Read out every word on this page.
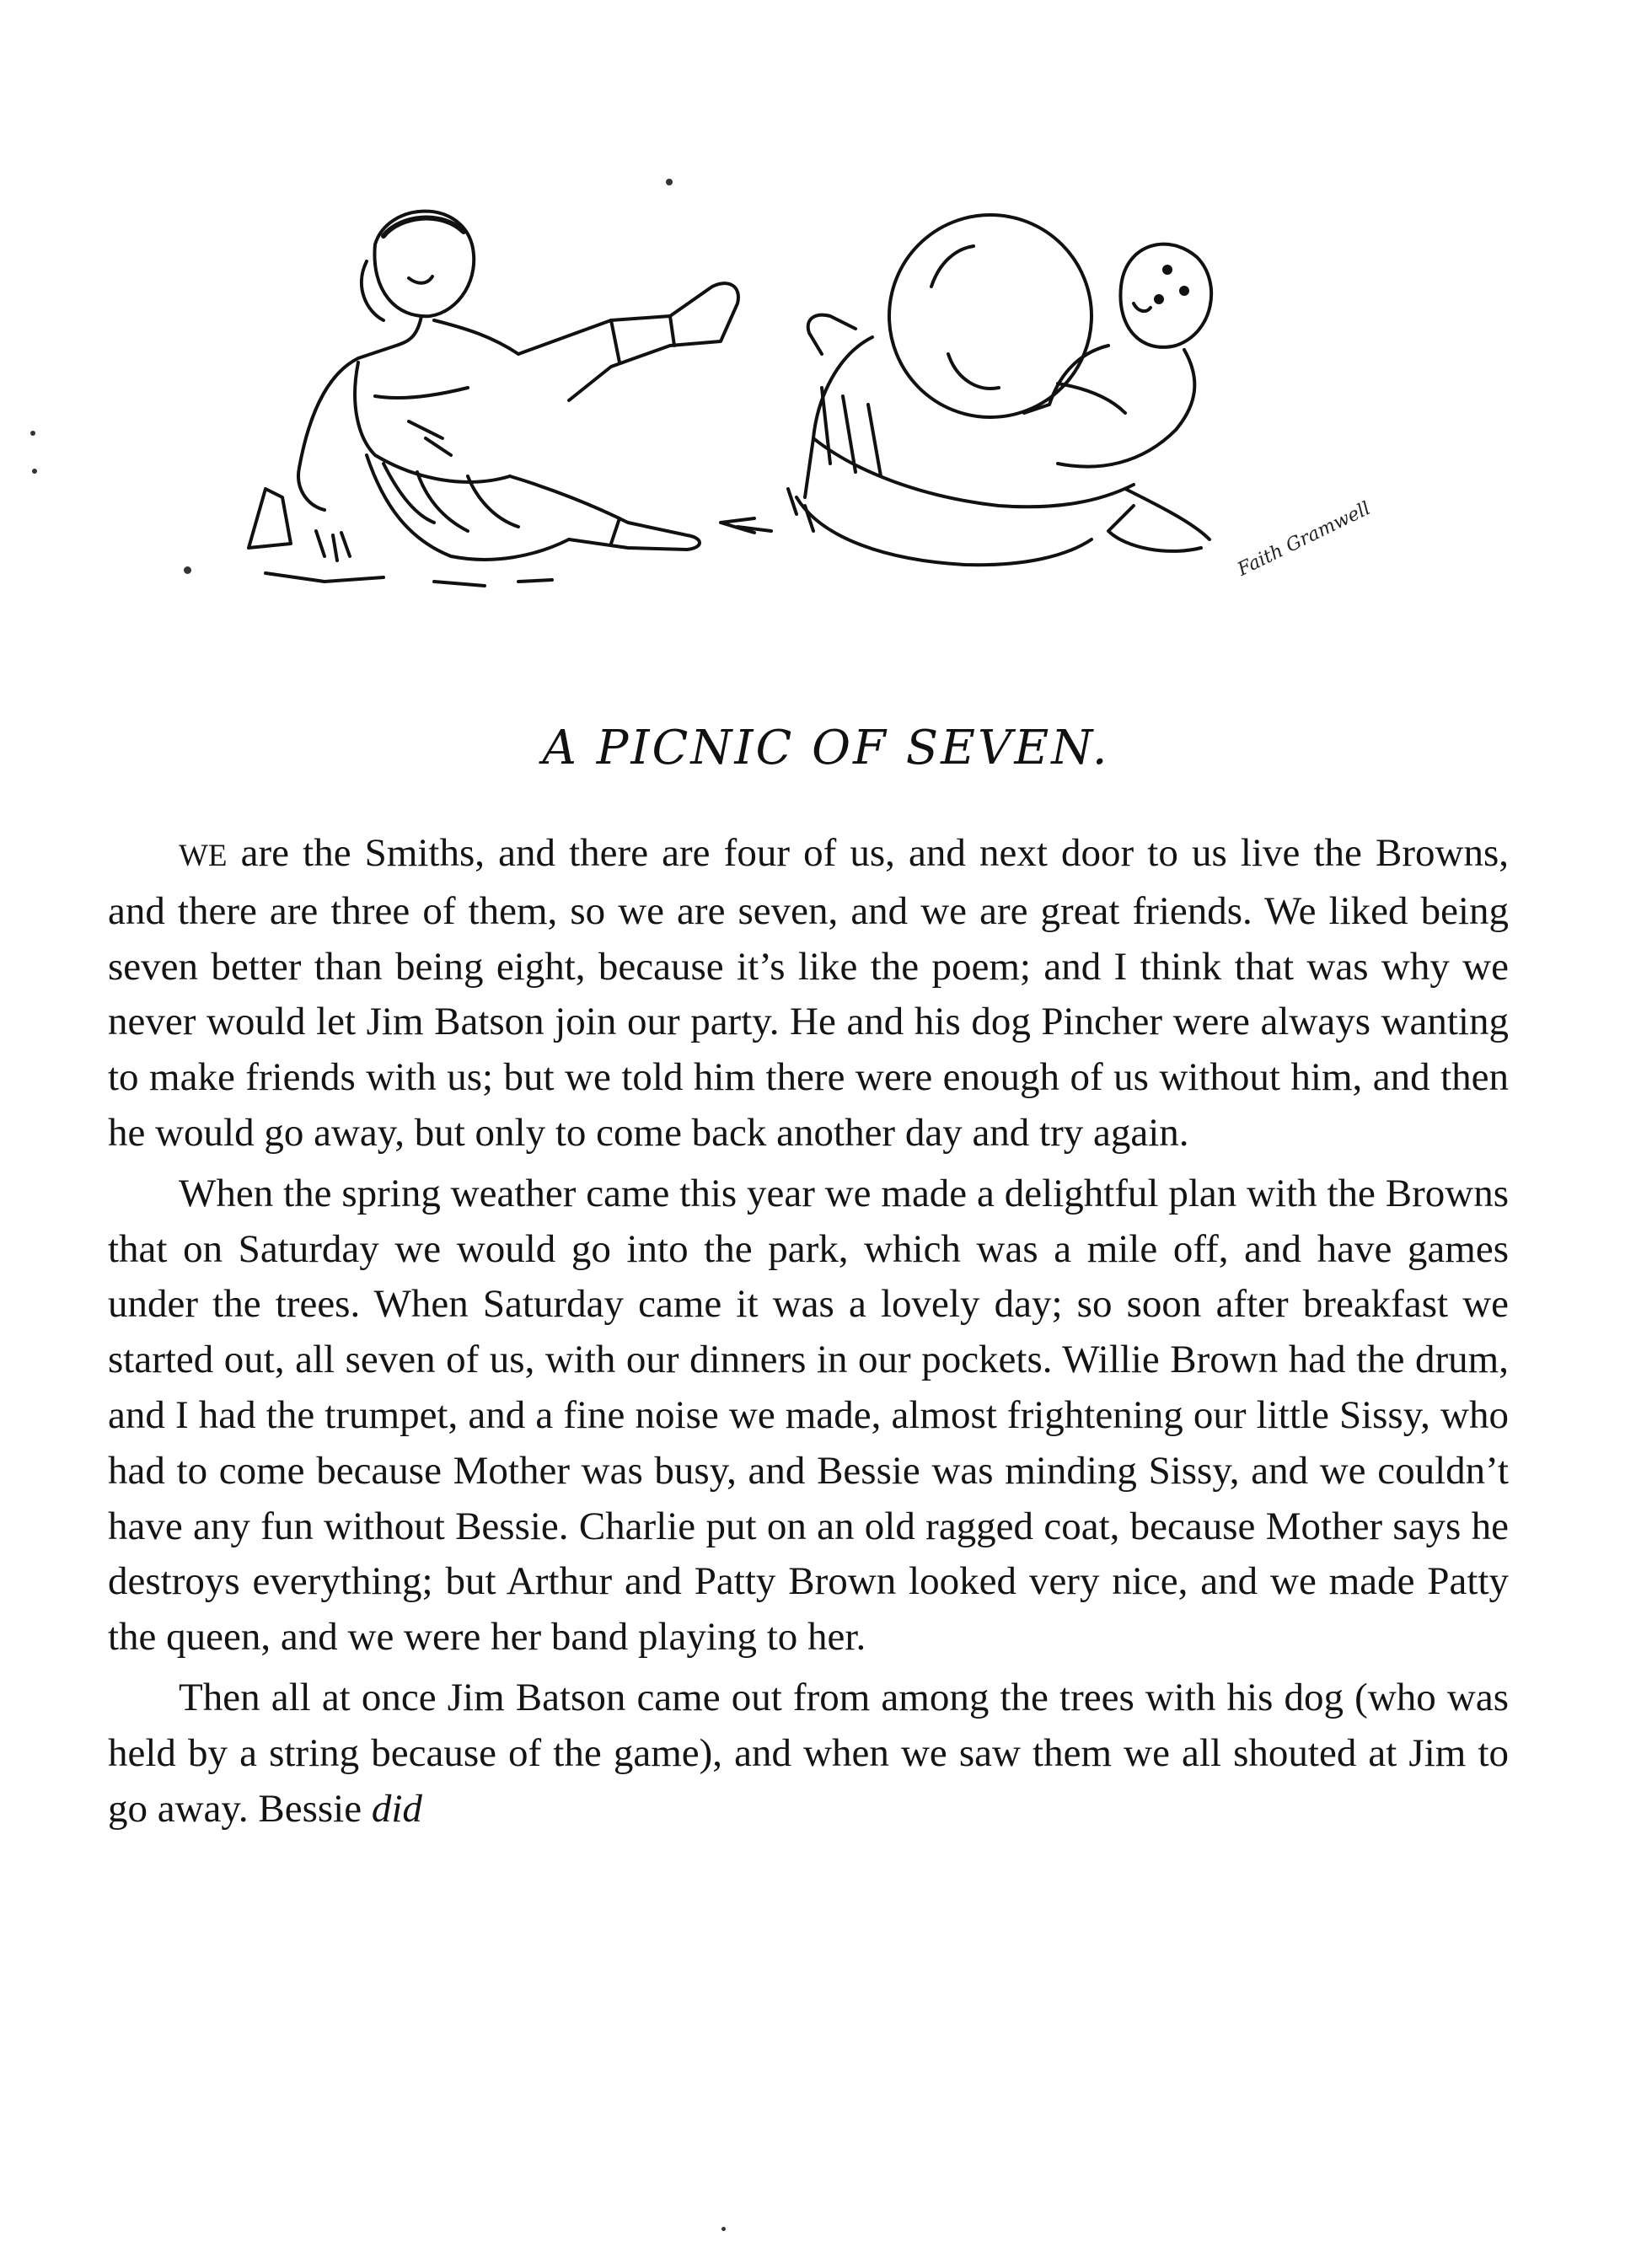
Faith Gramwell
A PICNIC OF SEVEN.

WE are the Smiths, and there are four of us, and next door to us live the Browns, and there are three of them, so we are seven, and we are great friends. We liked being seven better than being eight, because it’s like the poem; and I think that was why we never would let Jim Batson join our party. He and his dog Pincher were always wanting to make friends with us; but we told him there were enough of us without him, and then he would go away, but only to come back another day and try again.

When the spring weather came this year we made a delightful plan with the Browns that on Saturday we would go into the park, which was a mile off, and have games under the trees. When Saturday came it was a lovely day; so soon after breakfast we started out, all seven of us, with our dinners in our pockets. Willie Brown had the drum, and I had the trumpet, and a fine noise we made, almost frightening our little Sissy, who had to come because Mother was busy, and Bessie was minding Sissy, and we couldn’t have any fun without Bessie. Charlie put on an old ragged coat, because Mother says he destroys everything; but Arthur and Patty Brown looked very nice, and we made Patty the queen, and we were her band playing to her.

Then all at once Jim Batson came out from among the trees with his dog (who was held by a string because of the game), and when we saw them we all shouted at Jim to go away. Bessie did
